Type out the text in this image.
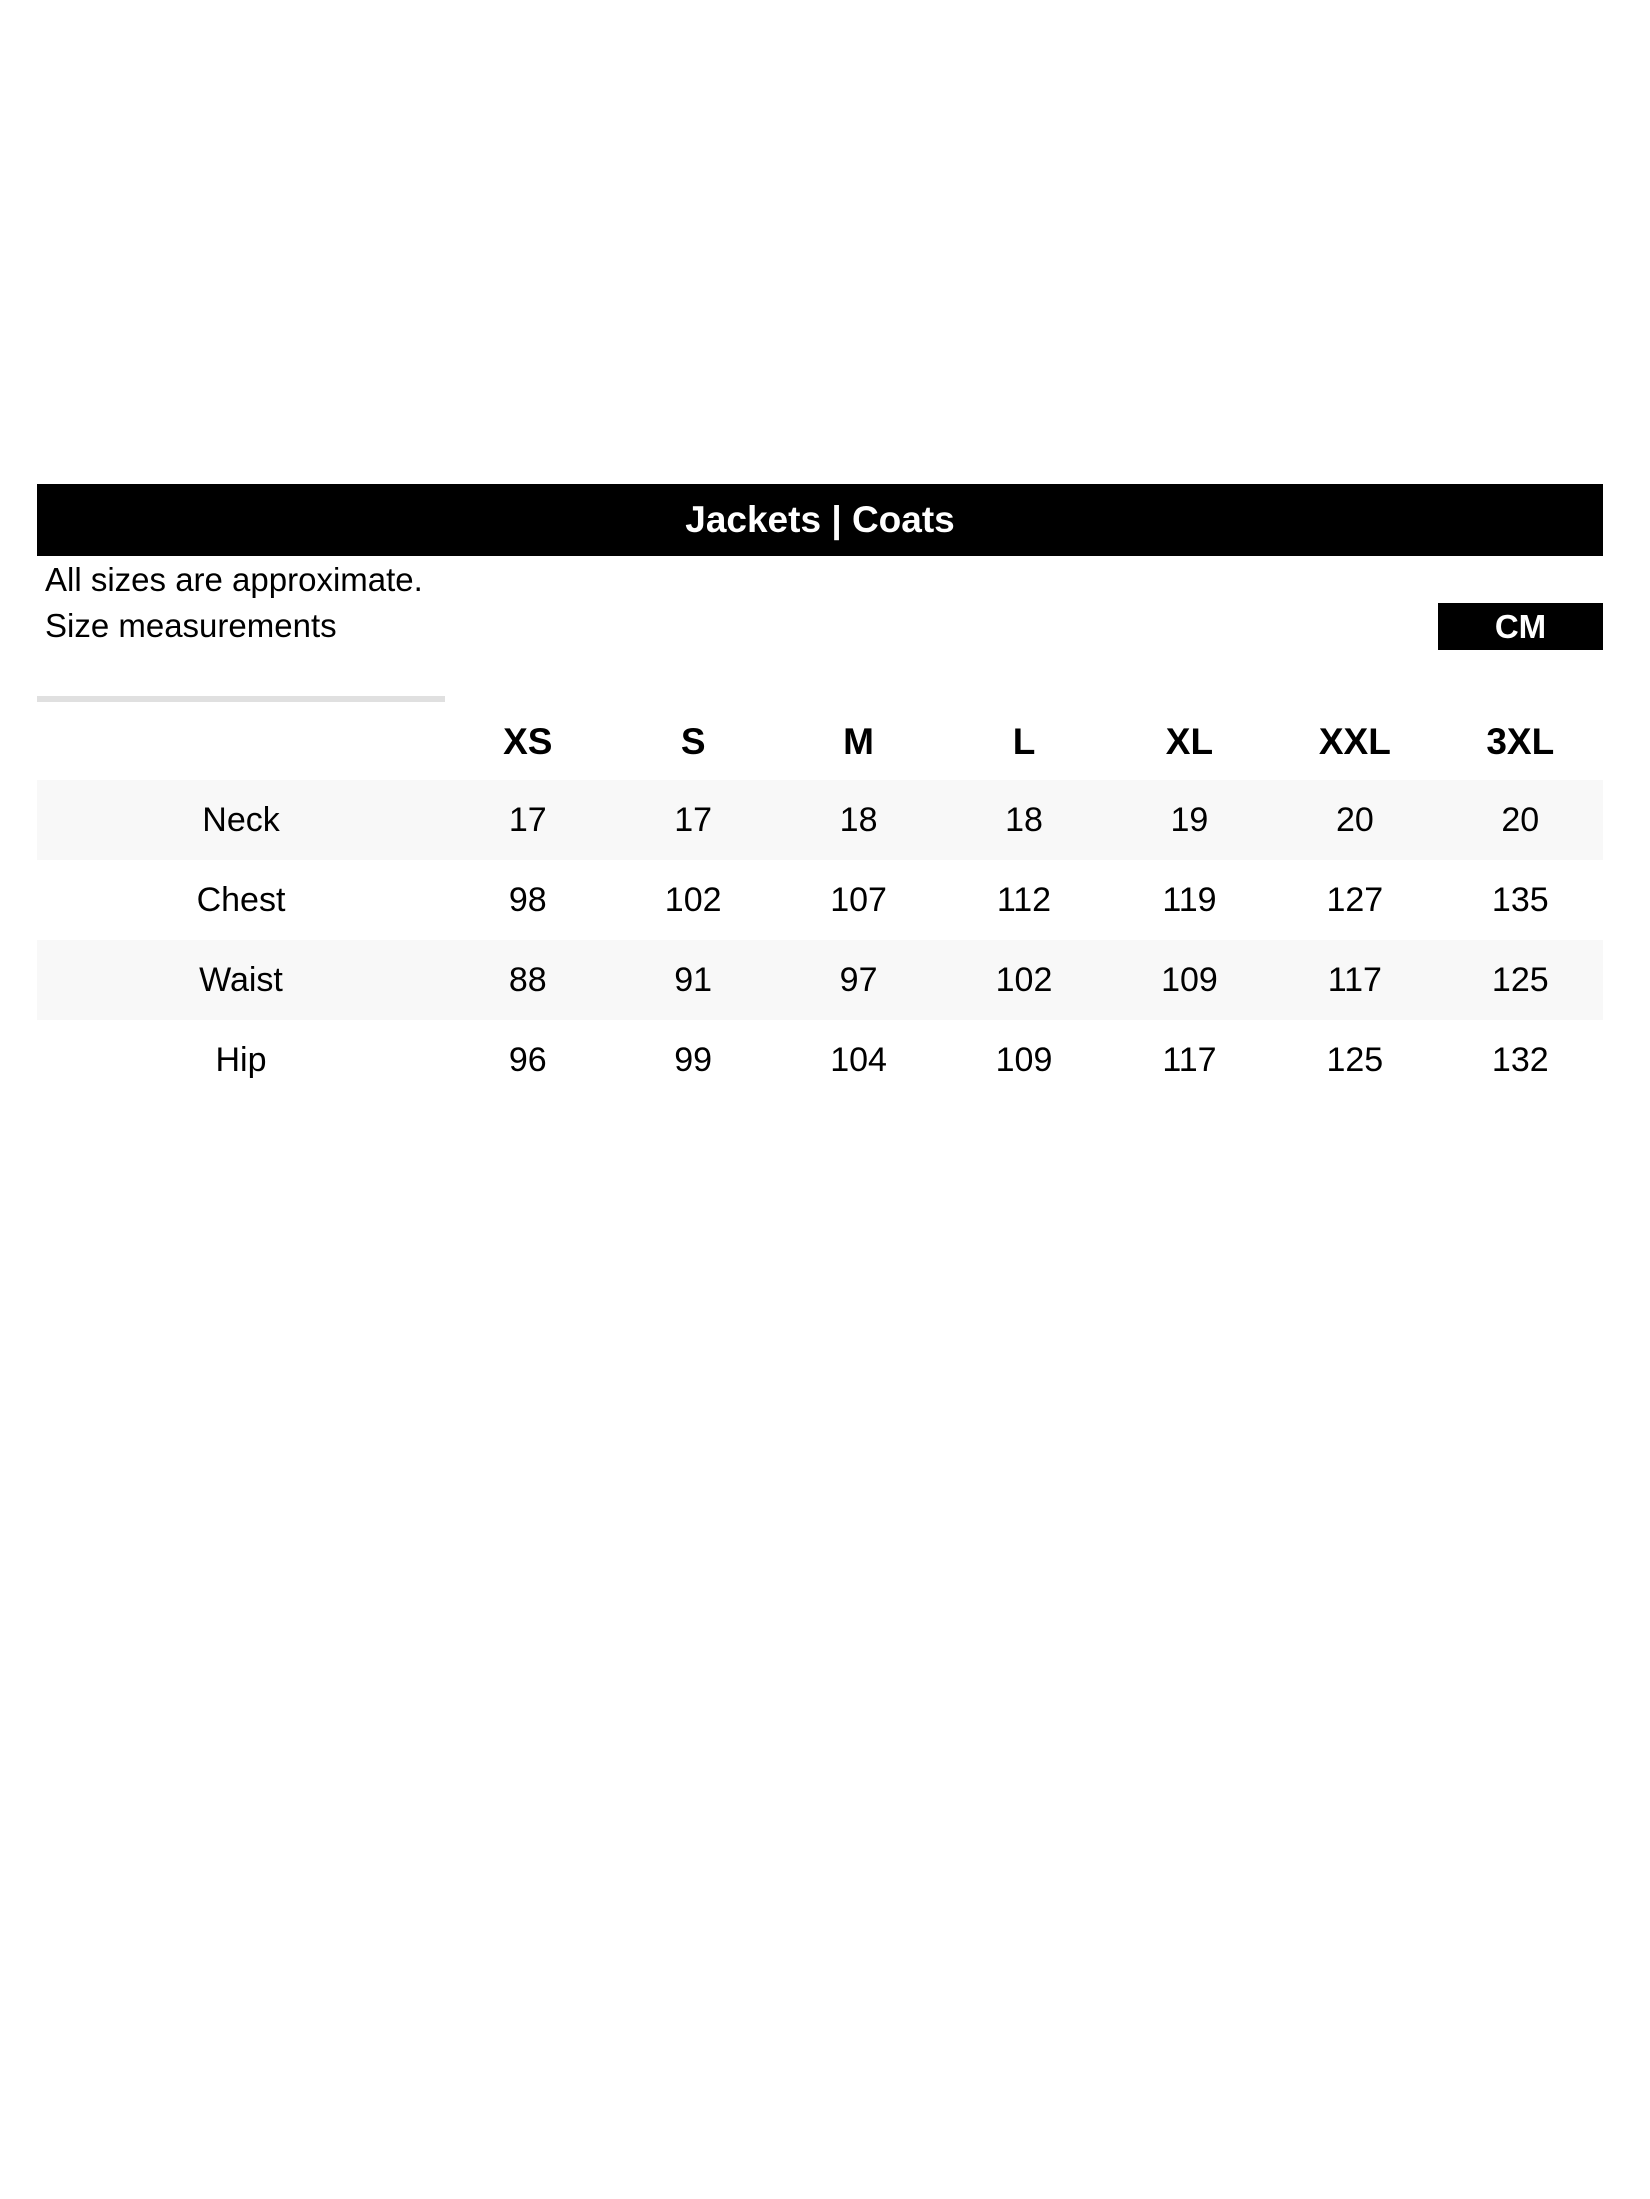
Jackets | Coats
All sizes are approximate.
Size measurements	CM
	XS	S	M	L	XL	XXL	3XL
Neck	17	17	18	18	19	20	20
Chest	98	102	107	112	119	127	135
Waist	88	91	97	102	109	117	125
Hip	96	99	104	109	117	125	132
